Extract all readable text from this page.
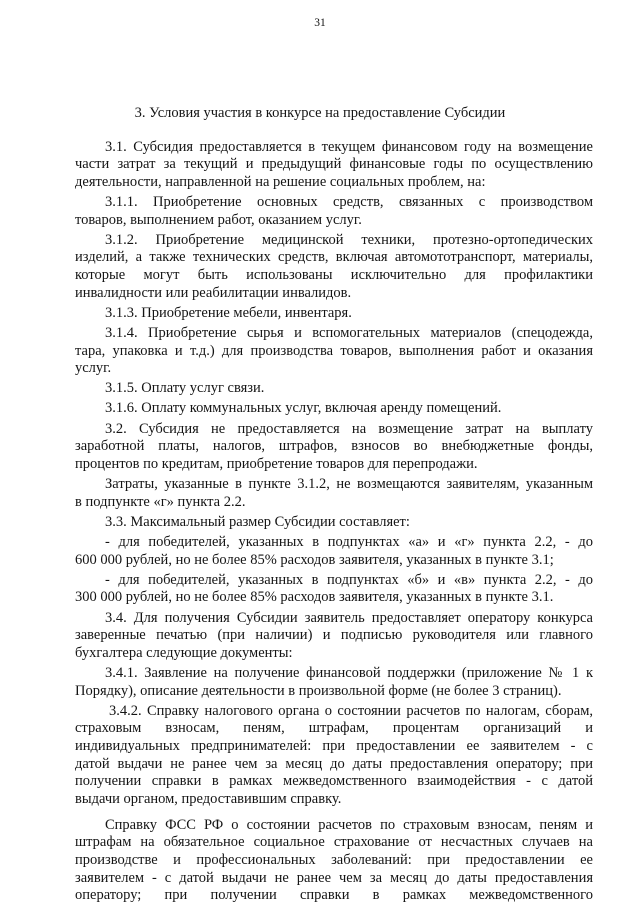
31
3. Условия участия в конкурсе на предоставление Субсидии
3.1. Субсидия предоставляется в текущем финансовом году на возмещение
части затрат за текущий и предыдущий финансовые годы по осуществлению
деятельности, направленной на решение социальных проблем, на:
3.1.1. Приобретение основных средств, связанных с производством
товаров, выполнением работ, оказанием услуг.
3.1.2. Приобретение медицинской техники, протезно-ортопедических
изделий, а также технических средств, включая автомототранспорт, материалы,
которые могут быть использованы исключительно для профилактики
инвалидности или реабилитации инвалидов.
3.1.3. Приобретение мебели, инвентаря.
3.1.4. Приобретение сырья и вспомогательных материалов (спецодежда,
тара, упаковка и т.д.) для производства товаров, выполнения работ и оказания
услуг.
3.1.5. Оплату услуг связи.
3.1.6. Оплату коммунальных услуг, включая аренду помещений.
3.2. Субсидия не предоставляется на возмещение затрат на выплату
заработной платы, налогов, штрафов, взносов во внебюджетные фонды,
процентов по кредитам, приобретение товаров для перепродажи.
Затраты, указанные в пункте 3.1.2, не возмещаются заявителям, указанным
в подпункте «г» пункта 2.2.
3.3. Максимальный размер Субсидии составляет:
- для победителей, указанных в подпунктах «а» и «г» пункта 2.2, - до
600 000 рублей, но не более 85% расходов заявителя, указанных в пункте 3.1;
- для победителей, указанных в подпунктах «б» и «в» пункта 2.2, - до
300 000 рублей, но не более 85% расходов заявителя, указанных в пункте 3.1.
3.4. Для получения Субсидии заявитель предоставляет оператору конкурса
заверенные печатью (при наличии) и подписью руководителя или главного
бухгалтера следующие документы:
3.4.1. Заявление на получение финансовой поддержки (приложение № 1 к
Порядку), описание деятельности в произвольной форме (не более 3 страниц).
3.4.2. Справку налогового органа о состоянии расчетов по налогам, сборам,
страховым взносам, пеням, штрафам, процентам организаций и
индивидуальных предпринимателей: при предоставлении ее заявителем - с
датой выдачи не ранее чем за месяц до даты предоставления оператору; при
получении справки в рамках межведомственного взаимодействия - с датой
выдачи органом, предоставившим справку.
Справку ФСС РФ о состоянии расчетов по страховым взносам, пеням и
штрафам на обязательное социальное страхование от несчастных случаев на
производстве и профессиональных заболеваний: при предоставлении ее
заявителем - с датой выдачи не ранее чем за месяц до даты предоставления
оператору; при получении справки в рамках межведомственного
